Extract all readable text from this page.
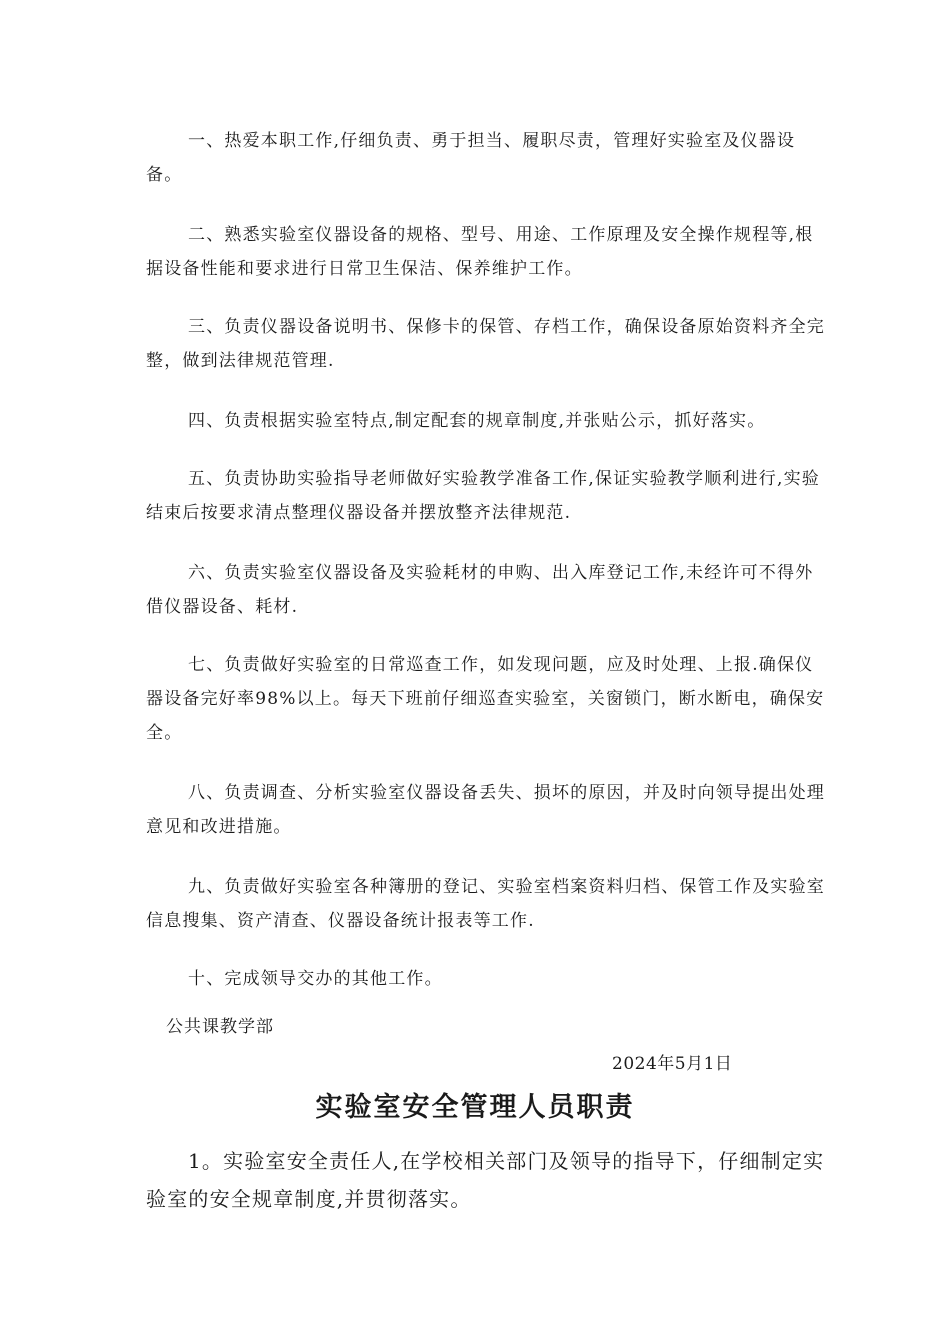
一、热爱本职工作,仔细负责、勇于担当、履职尽责，管理好实验室及仪器设备。

二、熟悉实验室仪器设备的规格、型号、用途、工作原理及安全操作规程等,根据设备性能和要求进行日常卫生保洁、保养维护工作。

三、负责仪器设备说明书、保修卡的保管、存档工作，确保设备原始资料齐全完整，做到法律规范管理.

四、负责根据实验室特点,制定配套的规章制度,并张贴公示，抓好落实。

五、负责协助实验指导老师做好实验教学准备工作,保证实验教学顺利进行,实验结束后按要求清点整理仪器设备并摆放整齐法律规范.

六、负责实验室仪器设备及实验耗材的申购、出入库登记工作,未经许可不得外借仪器设备、耗材.

七、负责做好实验室的日常巡查工作，如发现问题，应及时处理、上报.确保仪器设备完好率98%以上。每天下班前仔细巡查实验室，关窗锁门，断水断电，确保安全。

八、负责调查、分析实验室仪器设备丢失、损坏的原因，并及时向领导提出处理意见和改进措施。

九、负责做好实验室各种簿册的登记、实验室档案资料归档、保管工作及实验室信息搜集、资产清查、仪器设备统计报表等工作.

十、完成领导交办的其他工作。

公共课教学部

2024年5月1日

实验室安全管理人员职责

1。实验室安全责任人,在学校相关部门及领导的指导下，仔细制定实验室的安全规章制度,并贯彻落实。
